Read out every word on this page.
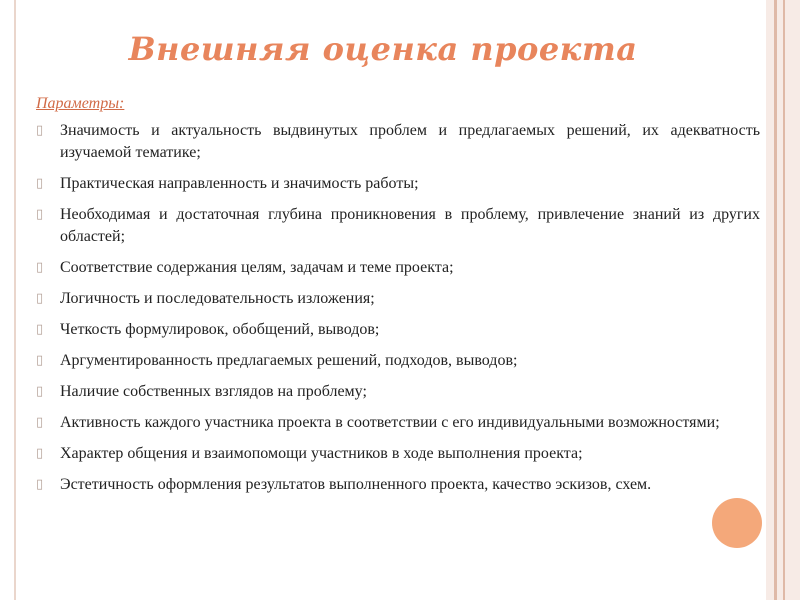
Внешняя оценка проекта

Параметры:

▯	Значимость и актуальность выдвинутых проблем и предлагаемых решений, их адекватность изучаемой тематике;
▯	Практическая направленность и значимость работы;
▯	Необходимая и достаточная глубина проникновения в проблему, привлечение знаний из других областей;
▯	Соответствие содержания целям, задачам и теме проекта;
▯	Логичность и последовательность изложения;
▯	Четкость формулировок, обобщений, выводов;
▯	Аргументированность предлагаемых решений, подходов, выводов;
▯	Наличие собственных взглядов на проблему;
▯	Активность каждого участника проекта в соответствии с его индивидуальными возможностями;
▯	Характер общения и взаимопомощи участников в ходе выполнения проекта;
▯	Эстетичность оформления результатов выполненного проекта, качество эскизов, схем.
